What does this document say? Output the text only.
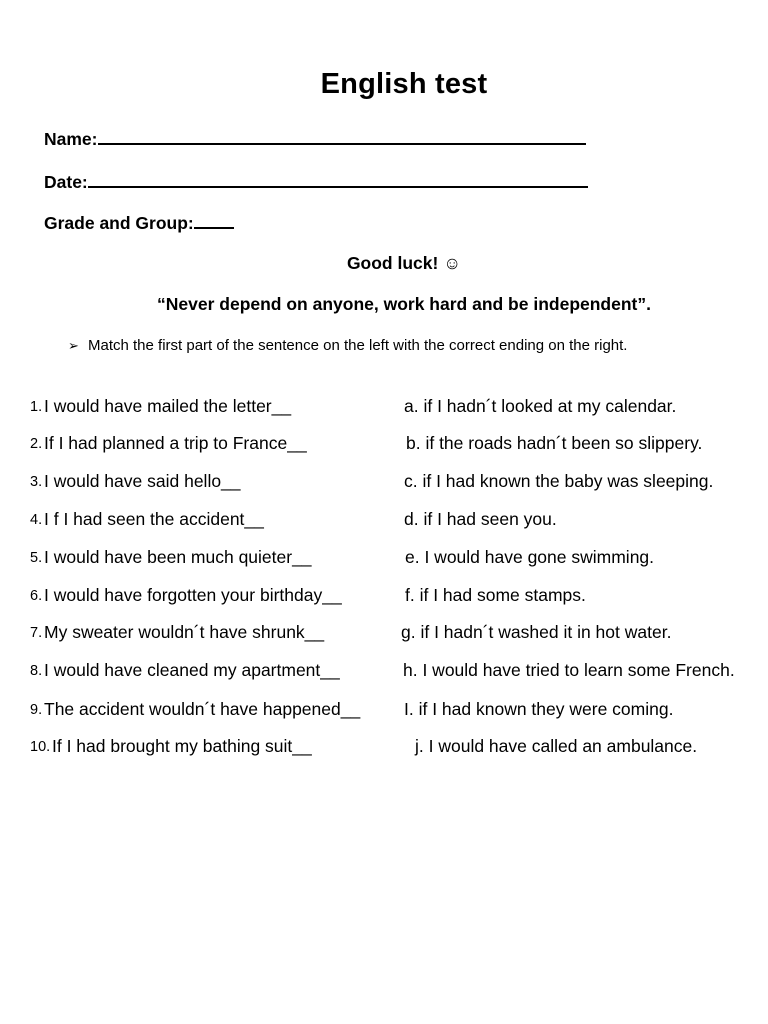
English test
Name:
Date:
Grade and Group:
Good luck! ☺
“Never depend on anyone, work hard and be independent”.
➢ Match the first part of the sentence on the left with the correct ending on the right.
1. I would have mailed the letter__	a. if I hadn´t looked at my calendar.
2. If I had planned a trip to France__	b. if the roads hadn´t been so slippery.
3. I would have said hello__	c. if I had known the baby was sleeping.
4. I f I had seen the accident__	d. if I had seen you.
5. I would have been much quieter__	e. I would have gone swimming.
6. I would have forgotten your birthday__	f. if I had some stamps.
7. My sweater wouldn´t have shrunk__	g. if I hadn´t washed it in hot water.
8. I would have cleaned my apartment__	h. I would have tried to learn some French.
9. The accident wouldn´t have happened__	I. if I had known they were coming.
10. If I had brought my bathing suit__	j. I would have called an ambulance.
